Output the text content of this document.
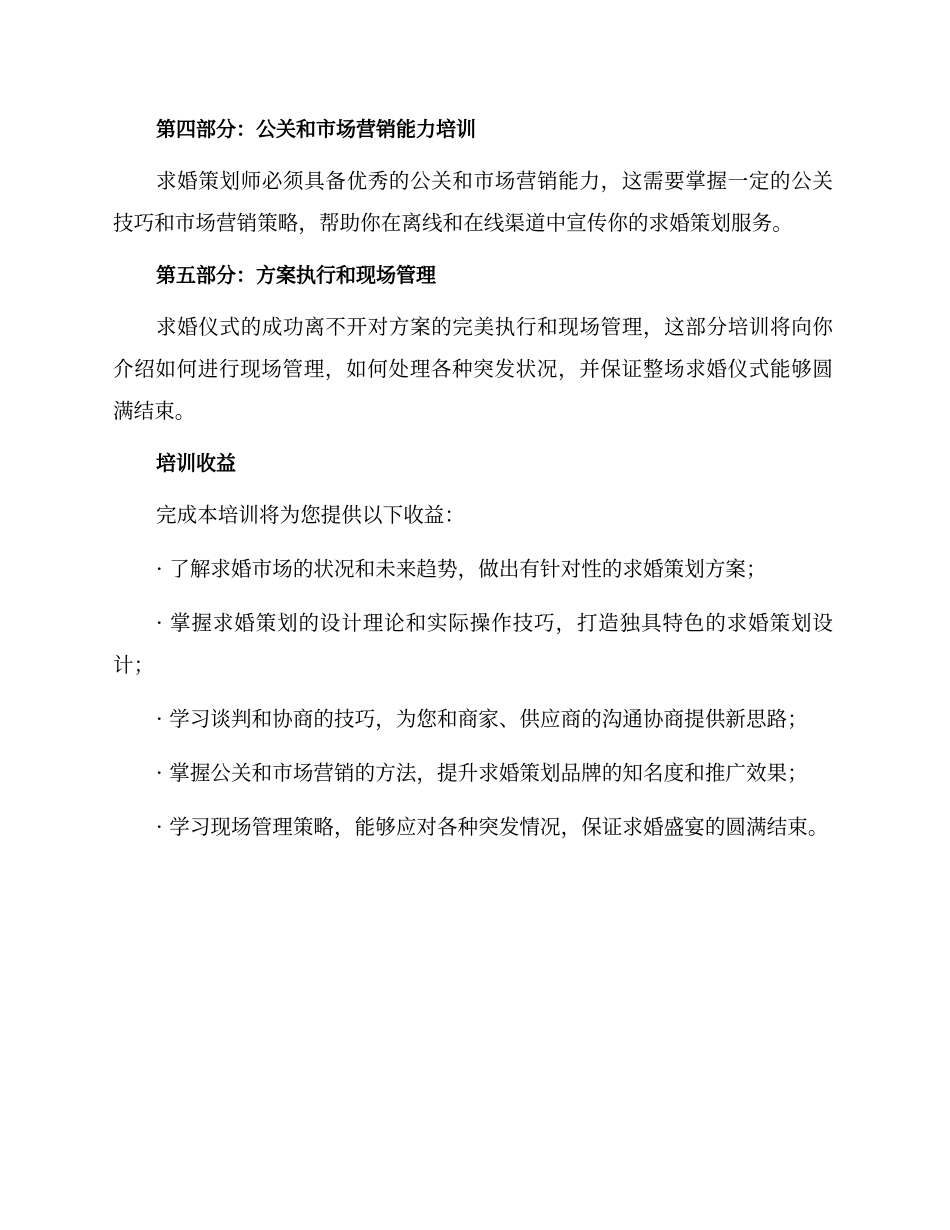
第四部分：公关和市场营销能力培训
求婚策划师必须具备优秀的公关和市场营销能力，这需要掌握一定的公关技巧和市场营销策略，帮助你在离线和在线渠道中宣传你的求婚策划服务。
第五部分：方案执行和现场管理
求婚仪式的成功离不开对方案的完美执行和现场管理，这部分培训将向你介绍如何进行现场管理，如何处理各种突发状况，并保证整场求婚仪式能够圆满结束。
培训收益
完成本培训将为您提供以下收益：
· 了解求婚市场的状况和未来趋势，做出有针对性的求婚策划方案；
· 掌握求婚策划的设计理论和实际操作技巧，打造独具特色的求婚策划设计；
· 学习谈判和协商的技巧，为您和商家、供应商的沟通协商提供新思路；
· 掌握公关和市场营销的方法，提升求婚策划品牌的知名度和推广效果；
· 学习现场管理策略，能够应对各种突发情况，保证求婚盛宴的圆满结束。
